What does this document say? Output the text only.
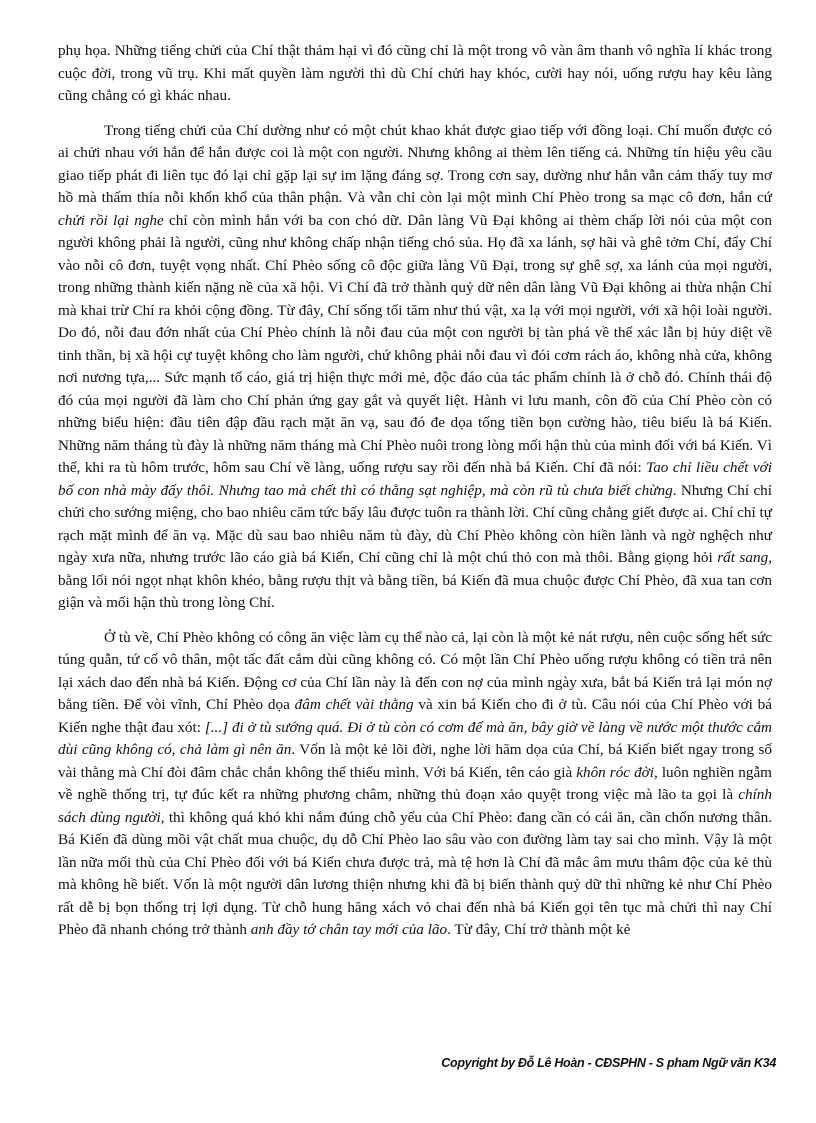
phụ họa. Những tiếng chửi của Chí thật thảm hại vì đó cũng chỉ là một trong vô vàn âm thanh vô nghĩa lí khác trong cuộc đời, trong vũ trụ. Khi mất quyền làm người thì dù Chí chửi hay khóc, cười hay nói, uống rượu hay kêu làng cũng chẳng có gì khác nhau.

Trong tiếng chửi của Chí dường như có một chút khao khát được giao tiếp với đồng loại. Chí muốn được có ai chửi nhau với hắn để hắn được coi là một con người. Nhưng không ai thèm lên tiếng cả. Những tín hiệu yêu cầu giao tiếp phát đi liên tục đó lại chỉ gặp lại sự im lặng đáng sợ. Trong cơn say, dường như hắn vẫn cảm thấy tuy mơ hồ mà thấm thía nỗi khốn khổ của thân phận. Và vẫn chỉ còn lại một mình Chí Phèo trong sa mạc cô đơn, hắn cứ chửi rồi lại nghe chỉ còn mình hắn với ba con chó dữ. Dân làng Vũ Đại không ai thèm chấp lời nói của một con người không phải là người, cũng như không chấp nhận tiếng chó sủa. Họ đã xa lánh, sợ hãi và ghê tởm Chí, đẩy Chí vào nỗi cô đơn, tuyệt vọng nhất. Chí Phèo sống cô độc giữa làng Vũ Đại, trong sự ghê sợ, xa lánh của mọi người, trong những thành kiến nặng nề của xã hội. Vì Chí đã trở thành quỷ dữ nên dân làng Vũ Đại không ai thừa nhận Chí mà khai trừ Chí ra khỏi cộng đồng. Từ đây, Chí sống tối tăm như thú vật, xa lạ với mọi người, với xã hội loài người. Do đó, nỗi đau đớn nhất của Chí Phèo chính là nỗi đau của một con người bị tàn phá về thể xác lẫn bị hủy diệt về tinh thần, bị xã hội cự tuyệt không cho làm người, chứ không phải nỗi đau vì đói cơm rách áo, không nhà cửa, không nơi nương tựa,... Sức mạnh tố cáo, giá trị hiện thực mới mẻ, độc đáo của tác phẩm chính là ở chỗ đó. Chính thái độ đó của mọi người đã làm cho Chí phản ứng gay gắt và quyết liệt. Hành vi lưu manh, côn đồ của Chí Phèo còn có những biểu hiện: đầu tiên đập đầu rạch mặt ăn vạ, sau đó đe dọa tống tiền bọn cường hào, tiêu biểu là bá Kiến. Những năm tháng tù đày là những năm tháng mà Chí Phèo nuôi trong lòng mối hận thù của mình đối với bá Kiến. Vì thế, khi ra tù hôm trước, hôm sau Chí về làng, uống rượu say rồi đến nhà bá Kiến. Chí đã nói: Tao chỉ liều chết với bố con nhà mày đấy thôi. Nhưng tao mà chết thì có thằng sạt nghiệp, mà còn rũ tù chưa biết chừng. Nhưng Chí chỉ chửi cho sướng miệng, cho bao nhiêu căm tức bấy lâu được tuôn ra thành lời. Chí cũng chẳng giết được ai. Chí chỉ tự rạch mặt mình để ăn vạ. Mặc dù sau bao nhiêu năm tù đày, dù Chí Phèo không còn hiền lành và ngờ nghệch như ngày xưa nữa, nhưng trước lão cáo già bá Kiến, Chí cũng chỉ là một chú thỏ con mà thôi. Bằng giọng hỏi rất sang, bằng lối nói ngọt nhạt khôn khéo, bằng rượu thịt và bằng tiền, bá Kiến đã mua chuộc được Chí Phèo, đã xua tan cơn giận và mối hận thù trong lòng Chí.

Ở tù về, Chí Phèo không có công ăn việc làm cụ thể nào cả, lại còn là một kẻ nát rượu, nên cuộc sống hết sức túng quẫn, tứ cố vô thân, một tấc đất cắm dùi cũng không có. Có một lần Chí Phèo uống rượu không có tiền trả nên lại xách dao đến nhà bá Kiến. Động cơ của Chí lần này là đến con nợ của mình ngày xưa, bắt bá Kiến trả lại món nợ bằng tiền. Để vòi vĩnh, Chí Phèo dọa đâm chết vài thằng và xin bá Kiến cho đi ở tù. Câu nói của Chí Phèo với bá Kiến nghe thật đau xót: [...] đi ở tù sướng quá. Đi ở tù còn có cơm để mà ăn, bây giờ về làng về nước một thước cắm dùi cũng không có, chả làm gì nên ăn. Vốn là một kẻ lõi đời, nghe lời hăm dọa của Chí, bá Kiến biết ngay trong số vài thằng mà Chí đòi đâm chắc chắn không thể thiếu mình. Với bá Kiến, tên cáo già khôn róc đời, luôn nghiền ngẫm về nghề thống trị, tự đúc kết ra những phương châm, những thủ đoạn xảo quyệt trong việc mà lão ta gọi là chính sách dùng người, thì không quá khó khi nắm đúng chỗ yếu của Chí Phèo: đang cần có cái ăn, cần chốn nương thân. Bá Kiến đã dùng mồi vật chất mua chuộc, dụ dỗ Chí Phèo lao sâu vào con đường làm tay sai cho mình. Vậy là một lần nữa mối thù của Chí Phèo đối với bá Kiến chưa được trả, mà tệ hơn là Chí đã mắc âm mưu thâm độc của kẻ thù mà không hề biết. Vốn là một người dân lương thiện nhưng khi đã bị biến thành quỷ dữ thì những kẻ như Chí Phèo rất dễ bị bọn thống trị lợi dụng. Từ chỗ hung hăng xách vỏ chai đến nhà bá Kiến gọi tên tục mà chửi thì nay Chí Phèo đã nhanh chóng trở thành anh đầy tớ chân tay mới của lão. Từ đây, Chí trở thành một kẻ

Copyright by Đỗ Lê Hoàn - CĐSPHN - S pham Ngữ văn K34
